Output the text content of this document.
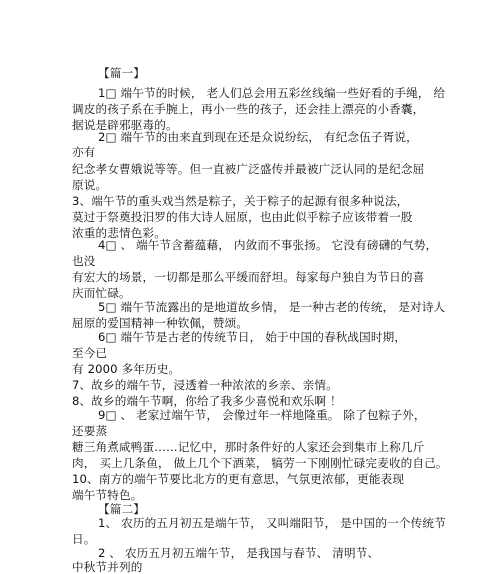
【篇一】
1□ 端午节的时候， 老人们总会用五彩丝线编一些好看的手绳， 给
调皮的孩子系在手腕上，再小一些的孩子，还会挂上漂亮的小香囊，
据说是辟邪驱毒的。
2□ 端午节的由来直到现在还是众说纷纭， 有纪念伍子胥说，
亦有
纪念孝女曹娥说等等。但一直被广泛盛传并最被广泛认同的是纪念屈
原说。
3、端午节的重头戏当然是粽子，关于粽子的起源有很多种说法，
莫过于祭奠投汨罗的伟大诗人屈原，也由此似乎粽子应该带着一股
浓重的悲情色彩。
4□ 、 端午节含蓄蕴藉， 内敛而不事张扬。 它没有磅礴的气势，
也没
有宏大的场景，一切都是那么平缓而舒坦。每家每户独自为节日的喜
庆而忙碌。
5□ 端午节流露出的是地道故乡情， 是一种古老的传统， 是对诗人
屈原的爱国精神一种钦佩，赞颂。
6□ 端午节是古老的传统节日， 始于中国的春秋战国时期，
至今已
有 2000 多年历史。
7、故乡的端午节，浸透着一种浓浓的乡亲、亲情。
8、故乡的端午节啊，你给了我多少喜悦和欢乐啊 ！
9□ 、 老家过端午节， 会像过年一样地隆重。 除了包粽子外，
还要蒸
糖三角煮咸鸭蛋……记忆中，那时条件好的人家还会到集市上称几斤
肉， 买上几条鱼， 做上几个下酒菜， 犒劳一下刚刚忙碌完麦收的自己。
10、南方的端午节要比北方的更有意思，气氛更浓郁，更能表现
端午节特色。
【篇二】
1、 农历的五月初五是端午节， 又叫端阳节， 是中国的一个传统节
日。
2 、 农历五月初五端午节， 是我国与春节、 清明节、
中秋节并列的
